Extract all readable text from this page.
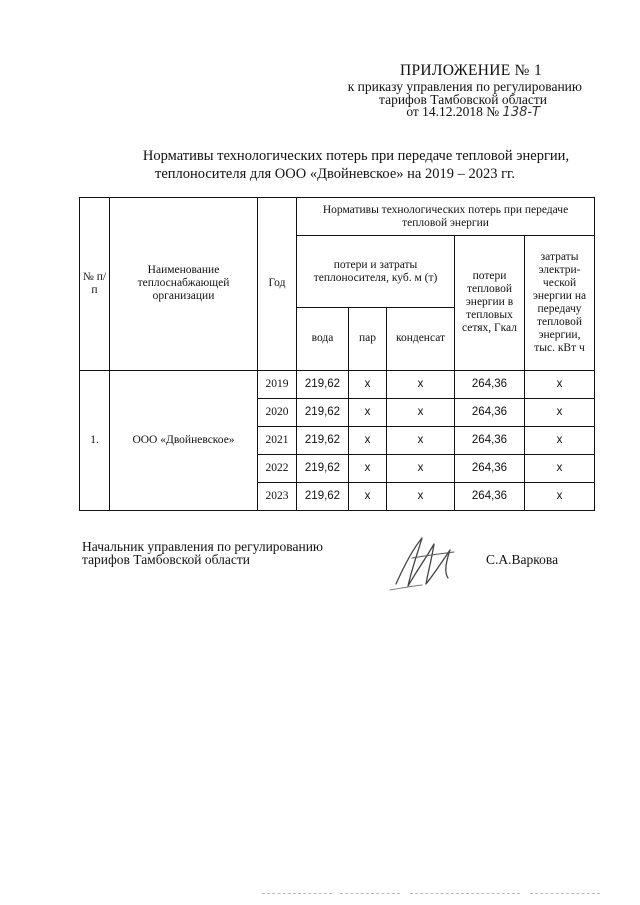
ПРИЛОЖЕНИЕ № 1
к приказу управления по регулированию
тарифов Тамбовской области
от 14.12.2018 № 138-Т
Нормативы технологических потерь при передаче тепловой энергии,
теплоносителя для ООО «Двойневское» на 2019 – 2023 гг.
№ п/п	Наименование теплоснабжающей организации	Год	Нормативы технологических потерь при передаче тепловой энергии				
			потери и затраты теплоносителя, куб. м (т)			потери тепловой энергии в тепловых сетях, Гкал	затраты электри-ческой энергии на передачу тепловой энергии, тыс. кВт ч
			вода	пар	конденсат		
1.	ООО «Двойневское»	2019	219,62	х	х	264,36	х
		2020	219,62	х	х	264,36	х
		2021	219,62	х	х	264,36	х
		2022	219,62	х	х	264,36	х
		2023	219,62	х	х	264,36	х
Начальник управления по регулированию
тарифов Тамбовской области	С.А.Варкова
